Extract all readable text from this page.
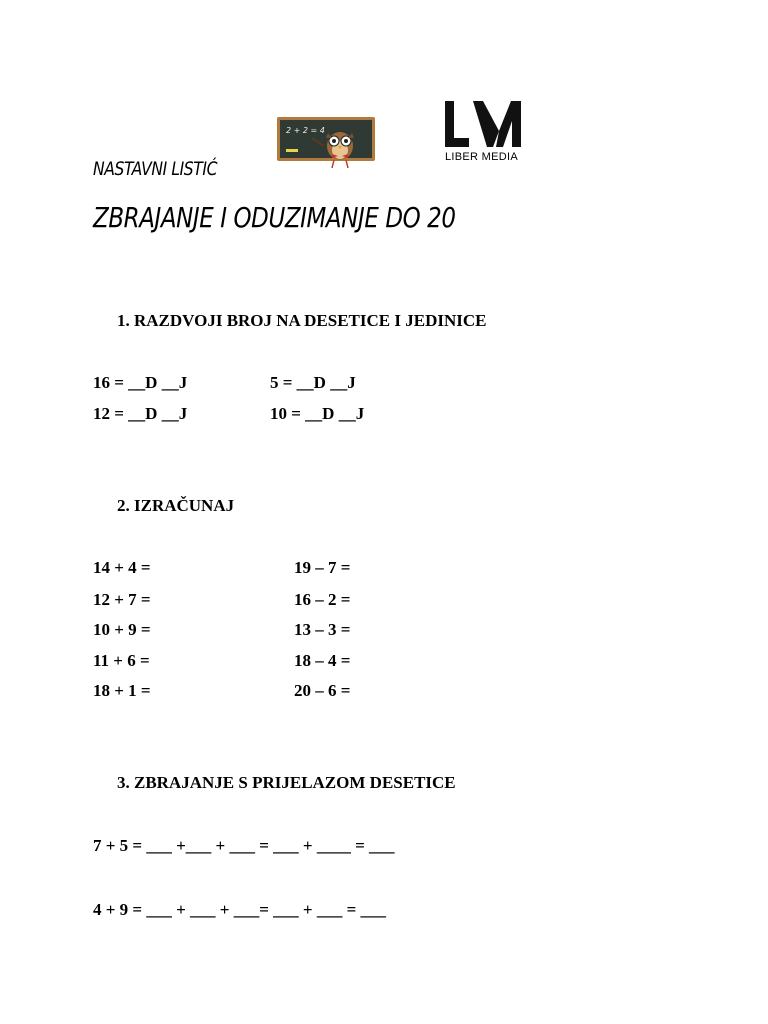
2 + 2 = 4
LIBER MEDIA
NASTAVNI LISTIĆ
ZBRAJANJE I ODUZIMANJE DO 20
1. RAZDVOJI BROJ NA DESETICE I JEDINICE
16 = __D __J	5 = __D __J
12 = __D __J	10 = __D __J
2. IZRAČUNAJ
14 + 4 =	19 – 7 =
12 + 7 =	16 – 2 =
10 + 9 =	13 – 3 =
11 + 6 =	18 – 4 =
18 + 1 =	20 – 6 =
3. ZBRAJANJE S PRIJELAZOM DESETICE
7 + 5 = ___ +___ + ___ = ___ + ____ = ___
4 + 9 = ___ + ___ + ___= ___ + ___ = ___
